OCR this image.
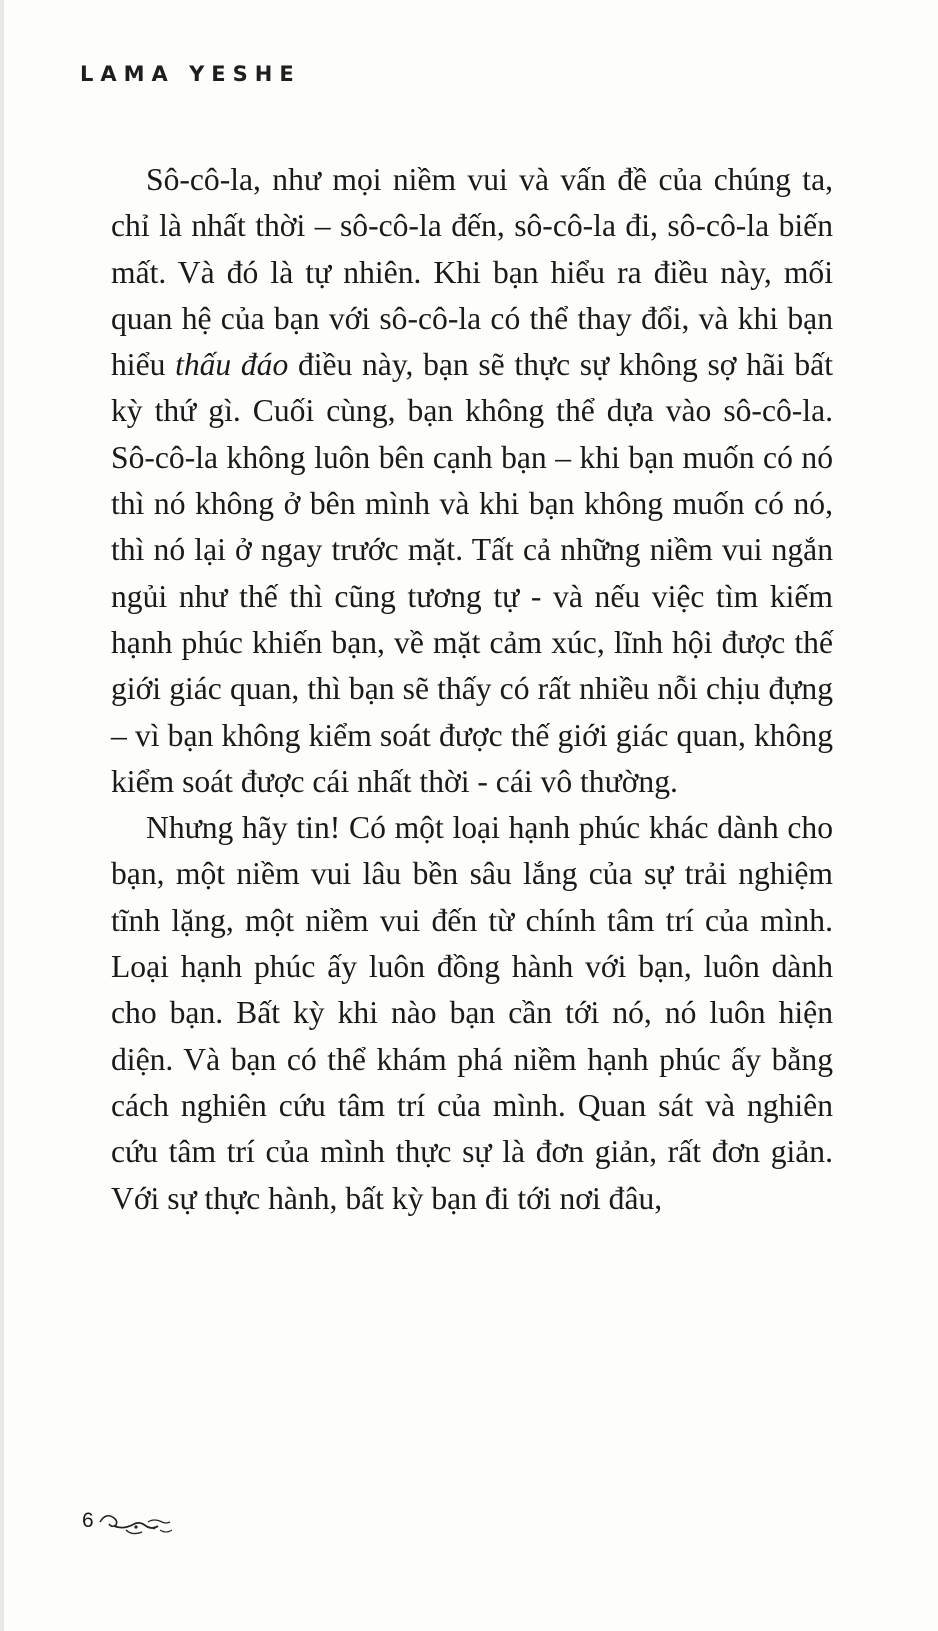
LAMA YESHE

Sô-cô-la, như mọi niềm vui và vấn đề của chúng ta, chỉ là nhất thời – sô-cô-la đến, sô-cô-la đi, sô-cô-la biến mất. Và đó là tự nhiên. Khi bạn hiểu ra điều này, mối quan hệ của bạn với sô-cô-la có thể thay đổi, và khi bạn hiểu thấu đáo điều này, bạn sẽ thực sự không sợ hãi bất kỳ thứ gì. Cuối cùng, bạn không thể dựa vào sô-cô-la. Sô-cô-la không luôn bên cạnh bạn – khi bạn muốn có nó thì nó không ở bên mình và khi bạn không muốn có nó, thì nó lại ở ngay trước mặt. Tất cả những niềm vui ngắn ngủi như thế thì cũng tương tự - và nếu việc tìm kiếm hạnh phúc khiến bạn, về mặt cảm xúc, lĩnh hội được thế giới giác quan, thì bạn sẽ thấy có rất nhiều nỗi chịu đựng – vì bạn không kiểm soát được thế giới giác quan, không kiểm soát được cái nhất thời - cái vô thường.

Nhưng hãy tin! Có một loại hạnh phúc khác dành cho bạn, một niềm vui lâu bền sâu lắng của sự trải nghiệm tĩnh lặng, một niềm vui đến từ chính tâm trí của mình. Loại hạnh phúc ấy luôn đồng hành với bạn, luôn dành cho bạn. Bất kỳ khi nào bạn cần tới nó, nó luôn hiện diện. Và bạn có thể khám phá niềm hạnh phúc ấy bằng cách nghiên cứu tâm trí của mình. Quan sát và nghiên cứu tâm trí của mình thực sự là đơn giản, rất đơn giản. Với sự thực hành, bất kỳ bạn đi tới nơi đâu,

6
